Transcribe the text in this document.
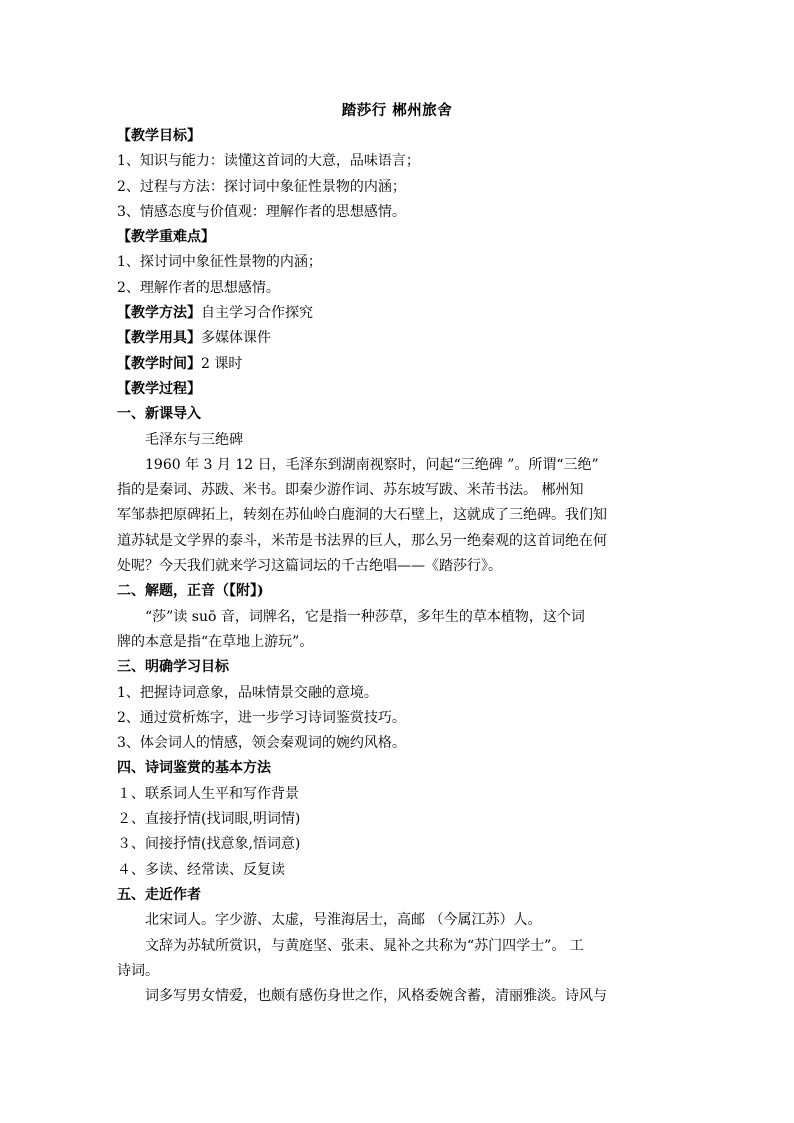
踏莎行 郴州旅舍
【教学目标】
1、知识与能力：读懂这首词的大意，品味语言；
2、过程与方法：探讨词中象征性景物的内涵；
3、情感态度与价值观：理解作者的思想感情。
【教学重难点】
1、探讨词中象征性景物的内涵；
2、理解作者的思想感情。
【教学方法】自主学习合作探究
【教学用具】多媒体课件
【教学时间】2 课时
【教学过程】
一、新课导入
毛泽东与三绝碑
1960 年 3 月 12 日，毛泽东到湖南视察时，问起“三绝碑 ”。所谓“三绝”
指的是秦词、苏跋、米书。即秦少游作词、苏东坡写跋、米芾书法。 郴州知
军邹恭把原碑拓上，转刻在苏仙岭白鹿洞的大石壁上，这就成了三绝碑。我们知
道苏轼是文学界的泰斗，米芾是书法界的巨人，那么另一绝秦观的这首词绝在何
处呢？今天我们就来学习这篇词坛的千古绝唱——《踏莎行》。
二、解题，正音（【附】)
“莎”读 suō 音，词牌名，它是指一种莎草，多年生的草本植物，这个词
牌的本意是指“在草地上游玩”。
三、明确学习目标
1、把握诗词意象，品味情景交融的意境。
2、通过赏析炼字，进一步学习诗词鉴赏技巧。
3、体会词人的情感，领会秦观词的婉约风格。
四、诗词鉴赏的基本方法
１、联系词人生平和写作背景
２、直接抒情(找词眼,明词情)
３、间接抒情(找意象,悟词意)
４、多读、经常读、反复读
五、走近作者
北宋词人。字少游、太虚，号淮海居士，高邮 （今属江苏）人。
文辞为苏轼所赏识，与黄庭坚、张耒、晁补之共称为“苏门四学士”。 工
诗词。
词多写男女情爱，也颇有感伤身世之作，风格委婉含蓄，清丽雅淡。诗风与
